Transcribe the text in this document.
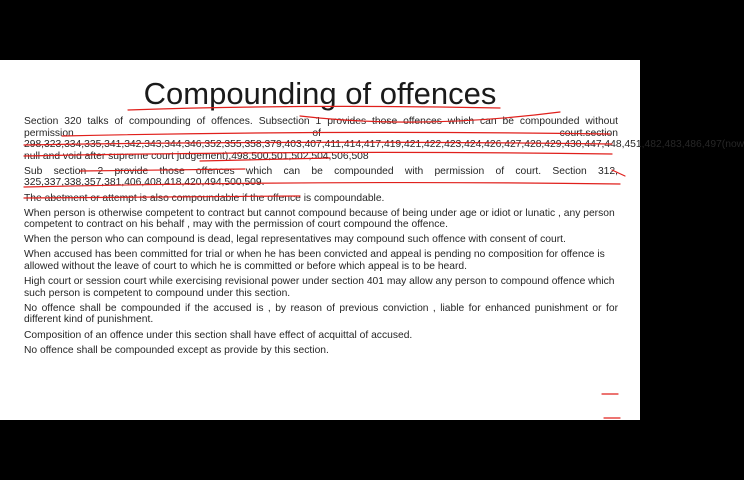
Compounding of offences

Section 320 talks of compounding of offences. Subsection 1 provides those offences which can be compounded without permission of court.section 298,323,334,335,341,342,343,344,346,352,355,358,379,403,407,411,414,417,419,421,422,423,424,426,427,428,429,430,447,448,451,482,483,486,497(now null and void after supreme court judgement),498,500,501,502,504,506,508

Sub section 2 provide those offences which can be compounded with permission of court. Section 312, 325,337,338,357,381,406,408,418,420,494,500,509.

The abetment or attempt is also compoundable if the offence is compoundable.

When person is otherwise competent to contract but cannot compound because of being under age or idiot or lunatic , any person competent to contract on his behalf , may with the permission of court compound the offence.

When the person who can compound is dead, legal representatives may compound such offence with consent of court.

When accused has been committed for trial or when he has been convicted and appeal is pending no composition for offence is allowed without the leave of court to which he is committed or before which appeal is to be heard.

High court or session court while exercising revisional power under section 401 may allow any person to compound offence which such person is competent to compound under this section.

No offence shall be compounded if the accused is , by reason of previous conviction , liable for enhanced punishment or for different kind of punishment.

Composition of an offence under this section shall have effect of acquittal of accused.

No offence shall be compounded except as provide by this section.
